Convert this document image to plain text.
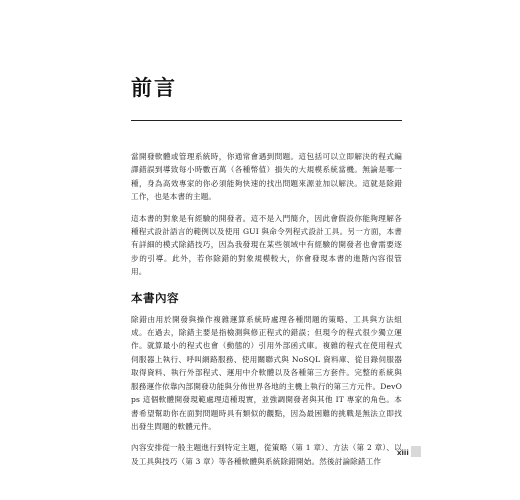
前言

當開發軟體或管理系統時，你通常會遇到問題。這包括可以立即解決的程式編譯錯誤到導致每小時數百萬（各種幣值）損失的大規模系統當機。無論是哪一種，身為高效專家的你必須能夠快速的找出問題來源並加以解決。這就是除錯工作，也是本書的主題。

這本書的對象是有經驗的開發者。這不是入門簡介，因此會假設你能夠理解各種程式設計語言的範例以及使用 GUI 與命令列程式設計工具。另一方面，本書有詳細的模式除錯技巧，因為我發現在某些領域中有經驗的開發者也會需要逐步的引導。此外，若你除錯的對象規模較大，你會發現本書的進階內容很管用。

本書內容

除錯由用於開發與操作複雜運算系統時處理各種問題的策略、工具與方法組成。在過去，除錯主要是指檢測與修正程式的錯誤；但現今的程式很少獨立運作。就算最小的程式也會（動態的）引用外部函式庫。複雜的程式在使用程式伺服器上執行、呼叫網路服務、使用關聯式與 NoSQL 資料庫、從目錄伺服器取得資料、執行外部程式、運用中介軟體以及各種第三方套件。完整的系統與服務運作依靠內部開發功能與分佈世界各地的主機上執行的第三方元件。DevOps 這個軟體開發現範處理這種現實，並強調開發者與其他 IT 專家的角色。本書希望幫助你在面對問題時具有類似的觀點，因為最困難的挑戰是無法立即找出發生問題的軟體元件。

內容安排從一般主題進行到特定主題，從策略（第 1 章）、方法（第 2 章）、以及工具與技巧（第 3 章）等各種軟體與系統除錯開始。然後討論除錯工作

xiii
